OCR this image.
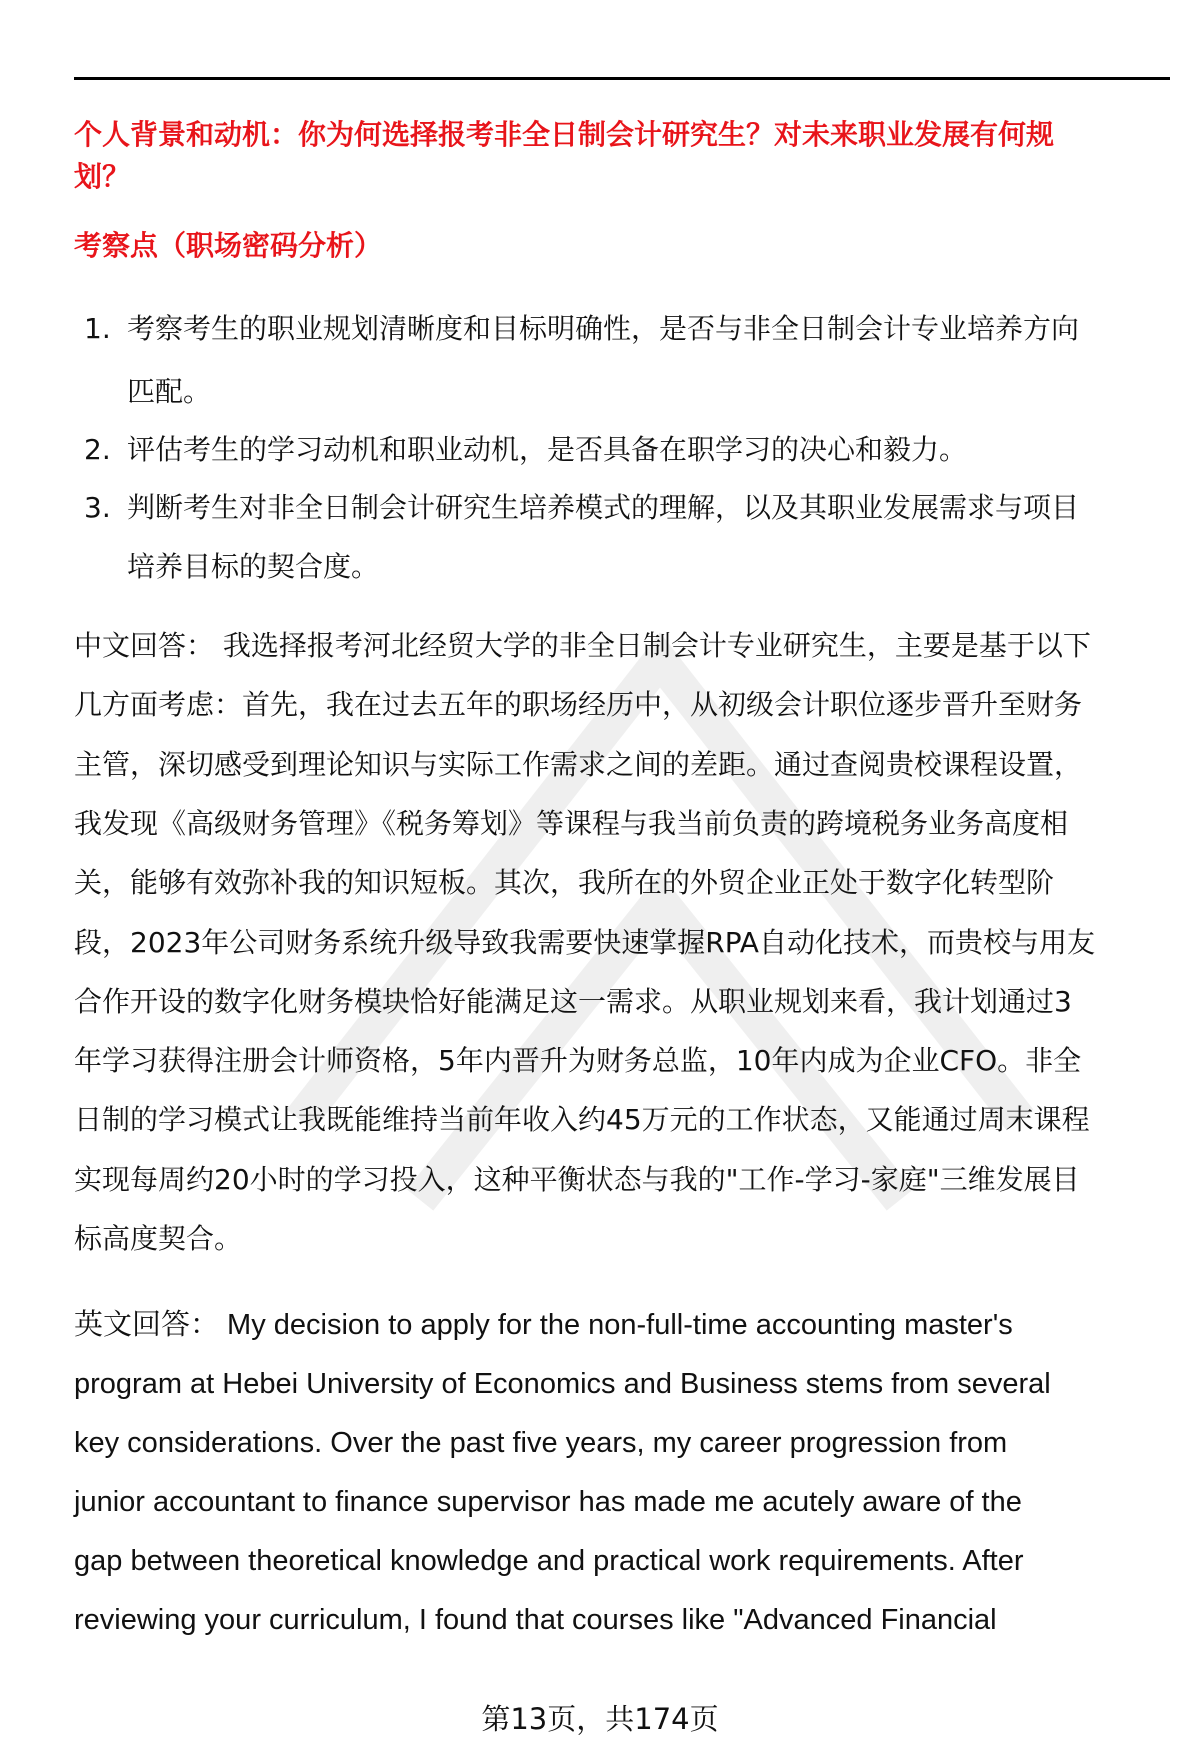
个人背景和动机：你为何选择报考非全日制会计研究生？对未来职业发展有何规
划？
考察点（职场密码分析）
1. 考察考生的职业规划清晰度和目标明确性，是否与非全日制会计专业培养方向
匹配。
2. 评估考生的学习动机和职业动机，是否具备在职学习的决心和毅力。
3. 判断考生对非全日制会计研究生培养模式的理解，以及其职业发展需求与项目
培养目标的契合度。
中文回答： 我选择报考河北经贸大学的非全日制会计专业研究生，主要是基于以下
几方面考虑：首先，我在过去五年的职场经历中，从初级会计职位逐步晋升至财务
主管，深切感受到理论知识与实际工作需求之间的差距。通过查阅贵校课程设置，
我发现《高级财务管理》《税务筹划》等课程与我当前负责的跨境税务业务高度相
关，能够有效弥补我的知识短板。其次，我所在的外贸企业正处于数字化转型阶
段，2023年公司财务系统升级导致我需要快速掌握RPA自动化技术，而贵校与用友
合作开设的数字化财务模块恰好能满足这一需求。从职业规划来看，我计划通过3
年学习获得注册会计师资格，5年内晋升为财务总监，10年内成为企业CFO。非全
日制的学习模式让我既能维持当前年收入约45万元的工作状态，又能通过周末课程
实现每周约20小时的学习投入，这种平衡状态与我的"工作-学习-家庭"三维发展目
标高度契合。
英文回答： My decision to apply for the non-full-time accounting master's
program at Hebei University of Economics and Business stems from several
key considerations. Over the past five years, my career progression from
junior accountant to finance supervisor has made me acutely aware of the
gap between theoretical knowledge and practical work requirements. After
reviewing your curriculum, I found that courses like "Advanced Financial
第13页，共174页
